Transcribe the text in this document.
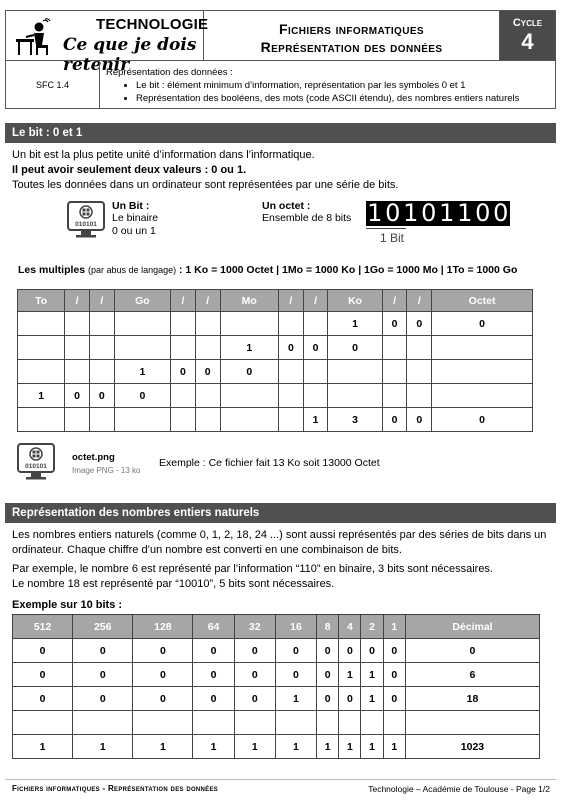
TECHNOLOGIE
Ce que je dois retenir
Fichiers informatiques
Représentation des données
Cycle
4
SFC 1.4
Représentation des données :
• Le bit : élément minimum d’information, représentation par les symboles 0 et 1
• Représentation des booléens, des mots (code ASCII étendu), des nombres entiers naturels
Le bit : 0 et 1
Un bit est la plus petite unité d’information dans l’informatique.
Il peut avoir seulement deux valeurs : 0 ou 1.
Toutes les données dans un ordinateur sont représentées par une série de bits.
010101
Un Bit :
Le binaire
0 ou un 1
Un octet :
Ensemble de 8 bits 1 0 1 0 1 1 0 0
1 Bit
Les multiples (par abus de langage) : 1 Ko = 1000 Octet | 1Mo = 1000 Ko | 1Go = 1000 Mo | 1To = 1000 Go
To	/	/	Go	/	/	Mo	/	/	Ko	/	/	Octet
									1	0	0	0
						1	0	0	0			
			1	0	0	0						
1	0	0	0									
								1	3	0	0	0
010101
octet.png
Image PNG - 13 ko
Exemple : Ce fichier fait 13 Ko soit 13000 Octet
Représentation des nombres entiers naturels
Les nombres entiers naturels (comme 0, 1, 2, 18, 24 ...) sont aussi représentés par des séries de bits dans un
ordinateur. Chaque chiffre d’un nombre est converti en une combinaison de bits.
Par exemple, le nombre 6 est représenté par l’information “110” en binaire, 3 bits sont nécessaires.
Le nombre 18 est représenté par “10010”, 5 bits sont nécessaires.
Exemple sur 10 bits :
512	256	128	64	32	16	8	4	2	1	Décimal
0	0	0	0	0	0	0	0	0	0	0
0	0	0	0	0	0	0	1	1	0	6
0	0	0	0	0	1	0	0	1	0	18

1	1	1	1	1	1	1	1	1	1	1023
Fichiers informatiques - Représentation des données	Technologie – Académie de Toulouse - Page 1/2
